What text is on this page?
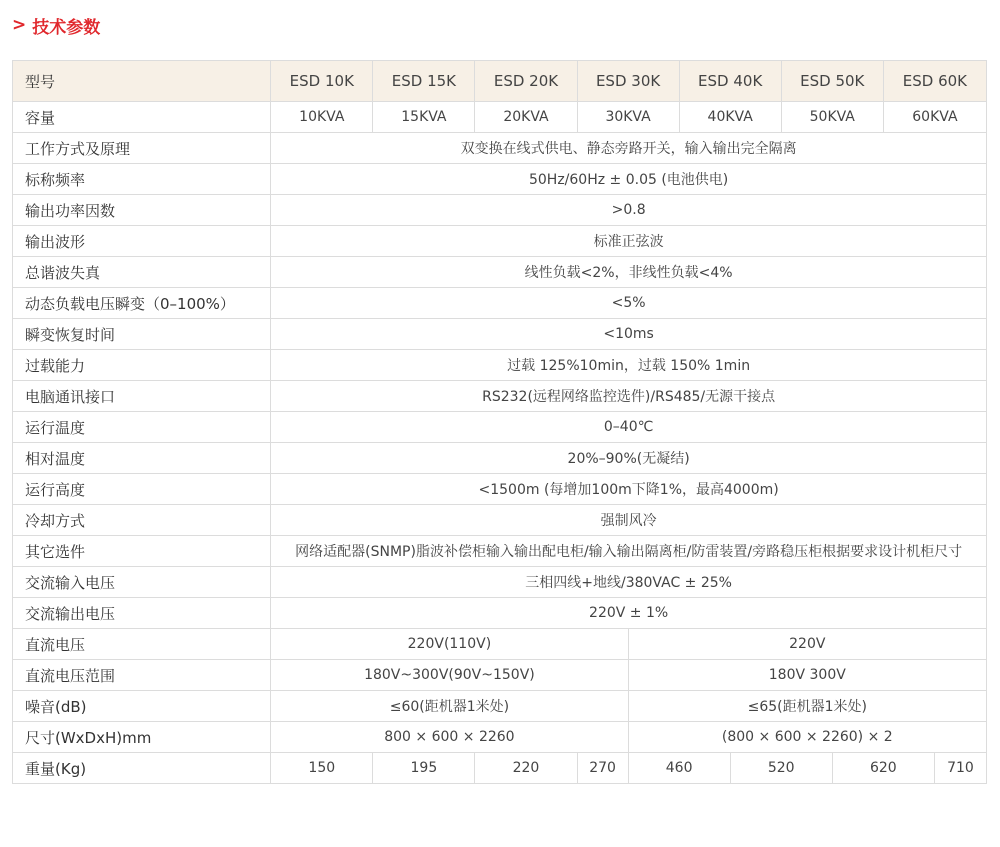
> 技术参数
型号	ESD 10K	ESD 15K	ESD 20K	ESD 30K		ESD 40K		ESD 50K		ESD 60K	
容量	10KVA	15KVA	20KVA	30KVA		40KVA		50KVA		60KVA	
工作方式及原理	双变换在线式供电、静态旁路开关，输入输出完全隔离										
标称频率	50Hz/60Hz ± 0.05 (电池供电)										
输出功率因数	>0.8										
输出波形	标准正弦波										
总谐波失真	线性负载<2%，非线性负载<4%										
动态负载电压瞬变（0–100%）	<5%										
瞬变恢复时间	<10ms										
过载能力	过载 125%10min，过载 150% 1min										
电脑通讯接口	RS232(远程网络监控选件)/RS485/无源干接点										
运行温度	0–40℃										
相对温度	20%–90%(无凝结)										
运行高度	<1500m (每增加100m下降1%，最高4000m)										
冷却方式	强制风冷										
其它选件	网络适配器(SNMP)脂波补偿柜输入输出配电柜/输入输出隔离柜/防雷装置/旁路稳压柜根据要求设计机柜尺寸										
交流输入电压	三相四线+地线/380VAC ± 25%										
交流输出电压	220V ± 1%										
直流电压	220V(110V)				220V						
直流电压范围	180V~300V(90V~150V)				180V 300V						
噪音(dB)	≤60(距机器1米处)				≤65(距机器1米处)						
尺寸(WxDxH)mm	800 × 600 × 2260				(800 × 600 × 2260) × 2						
重量(Kg)	150	195	220	270	460		520		620		710
